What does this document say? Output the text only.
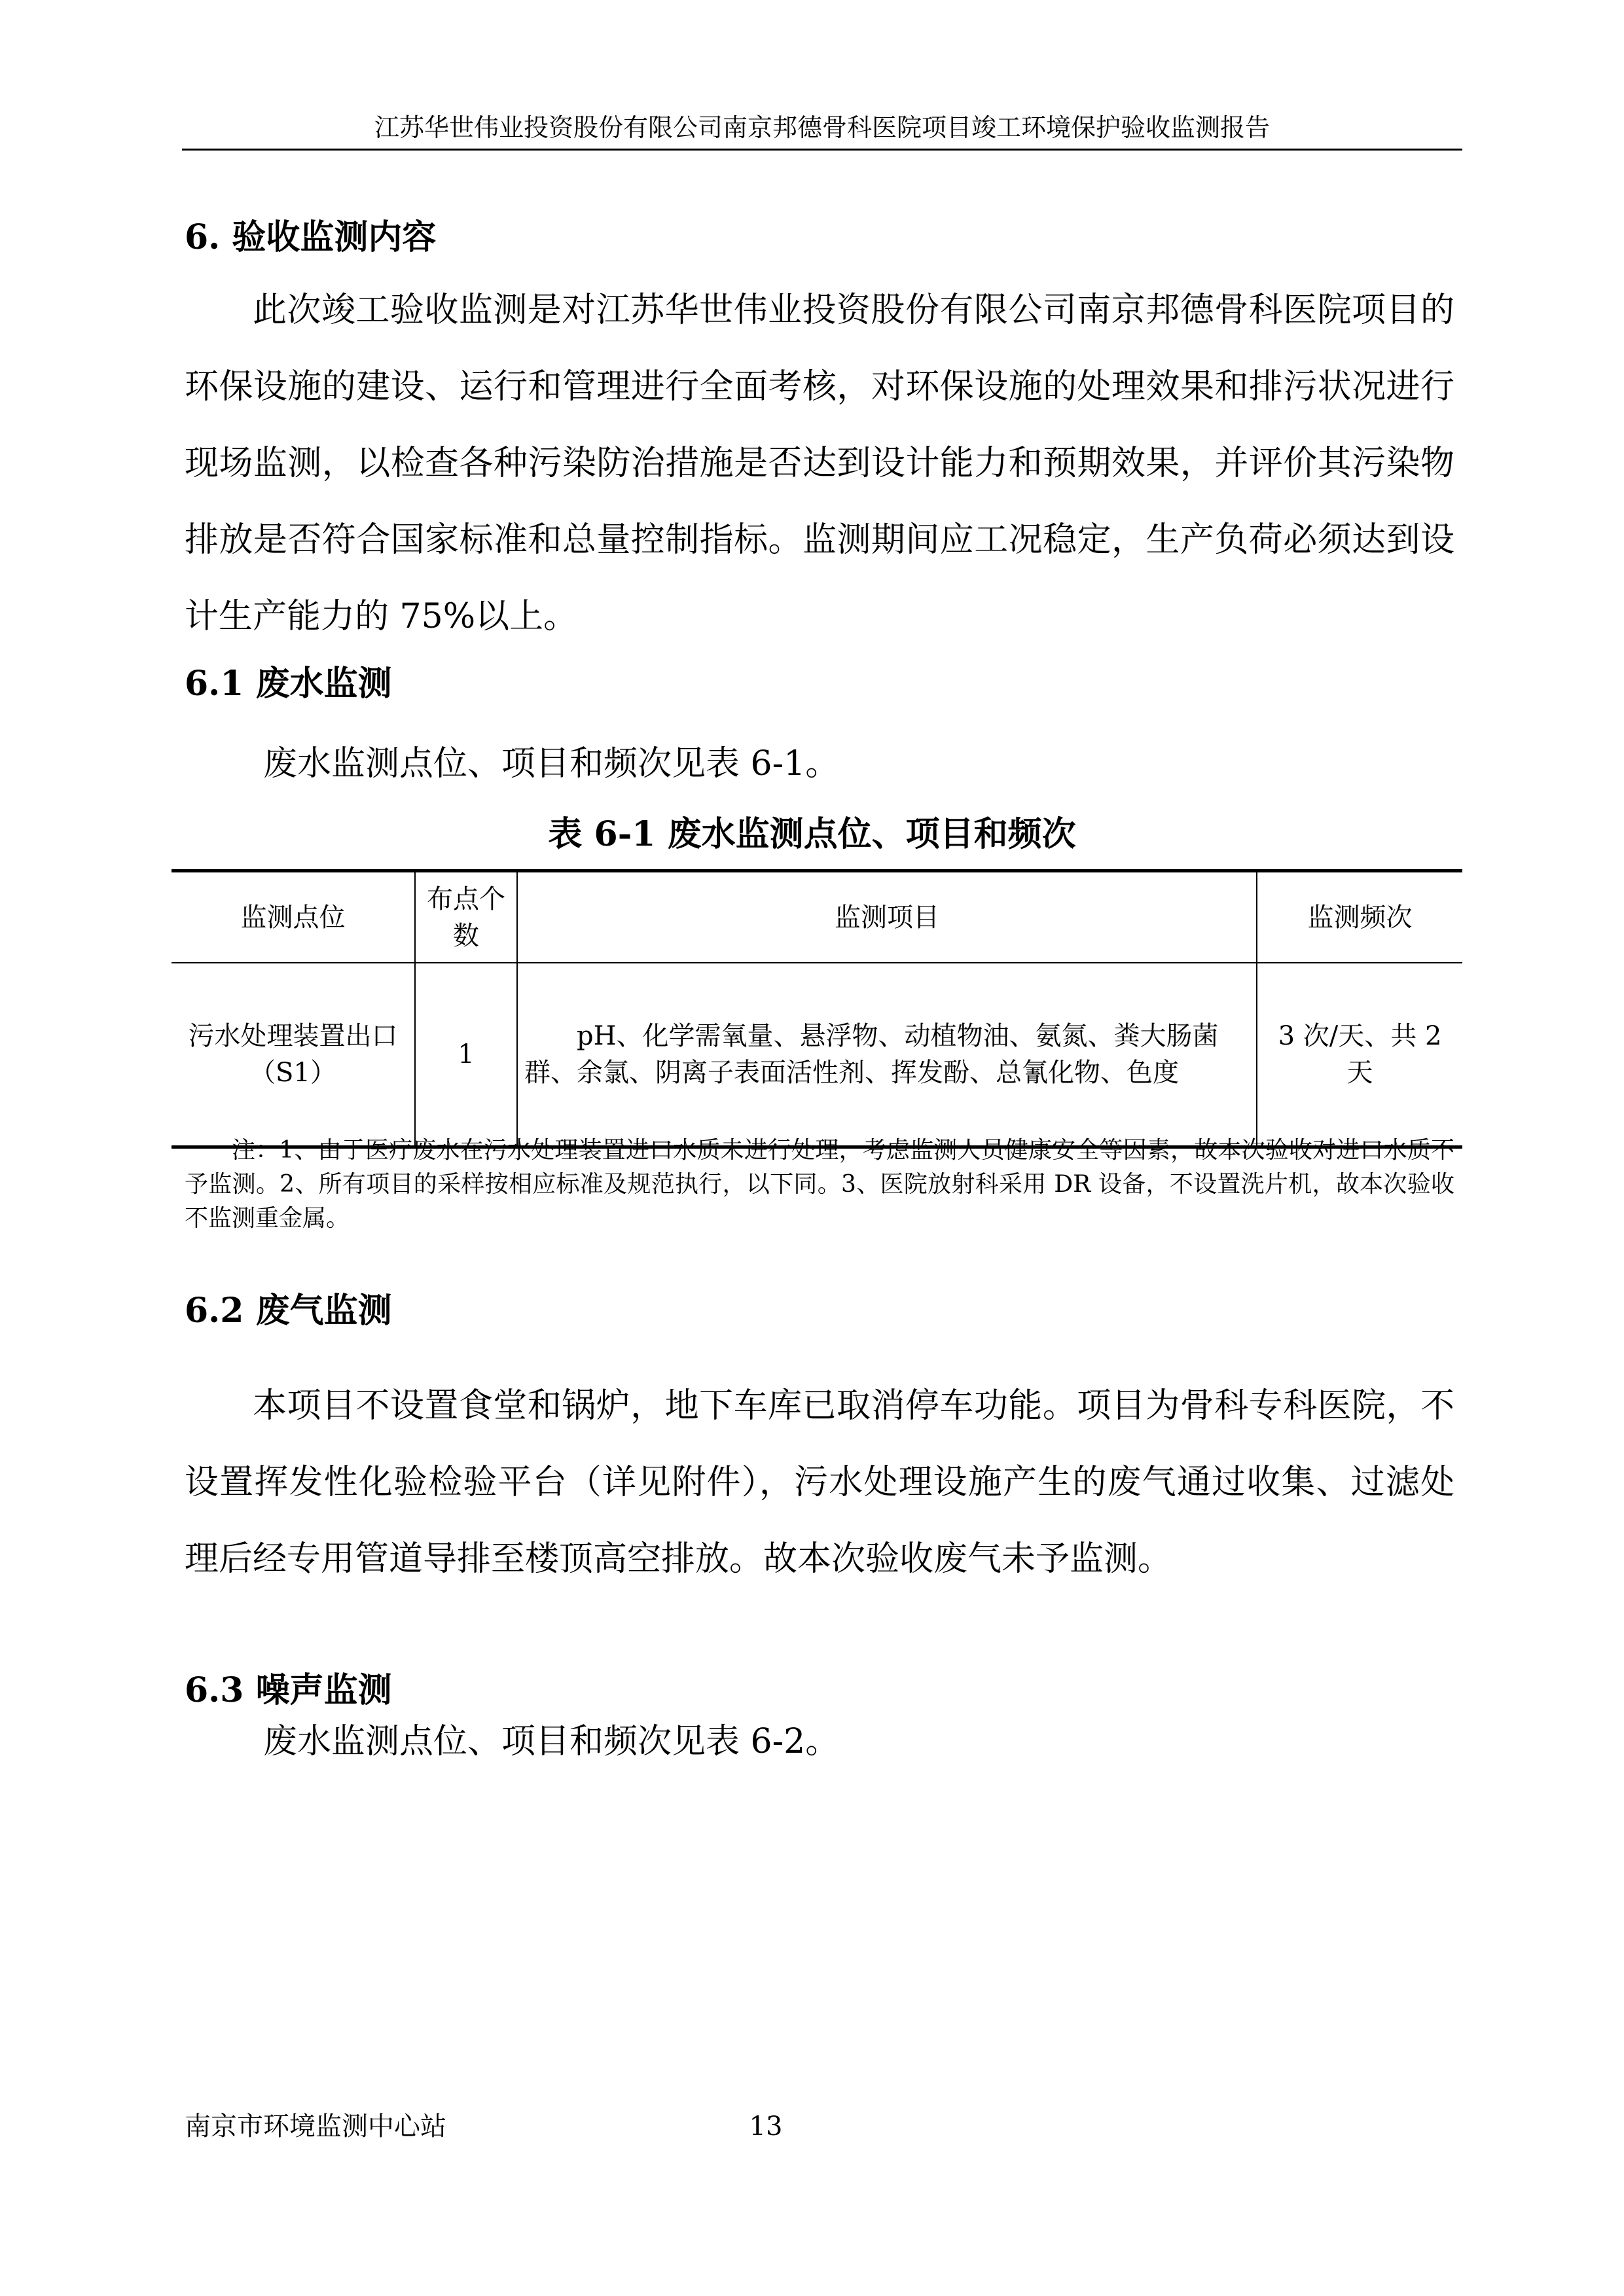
江苏华世伟业投资股份有限公司南京邦德骨科医院项目竣工环境保护验收监测报告
6. 验收监测内容
此次竣工验收监测是对江苏华世伟业投资股份有限公司南京邦德骨科医院项目的环保设施的建设、运行和管理进行全面考核，对环保设施的处理效果和排污状况进行现场监测，以检查各种污染防治措施是否达到设计能力和预期效果，并评价其污染物排放是否符合国家标准和总量控制指标。监测期间应工况稳定，生产负荷必须达到设计生产能力的 75%以上。
6.1 废水监测
废水监测点位、项目和频次见表 6-1。
表 6-1 废水监测点位、项目和频次
监测点位	布点个数	监测项目	监测频次
污水处理装置出口（S1）	1	pH、化学需氧量、悬浮物、动植物油、氨氮、粪大肠菌群、余氯、阴离子表面活性剂、挥发酚、总氰化物、色度	3 次/天、共 2 天
注：1、由于医疗废水在污水处理装置进口水质未进行处理，考虑监测人员健康安全等因素，故本次验收对进口水质不予监测。2、所有项目的采样按相应标准及规范执行，以下同。3、医院放射科采用 DR 设备，不设置洗片机，故本次验收不监测重金属。
6.2 废气监测
本项目不设置食堂和锅炉，地下车库已取消停车功能。项目为骨科专科医院，不设置挥发性化验检验平台（详见附件），污水处理设施产生的废气通过收集、过滤处理后经专用管道导排至楼顶高空排放。故本次验收废气未予监测。
6.3 噪声监测
废水监测点位、项目和频次见表 6-2。
南京市环境监测中心站	13
